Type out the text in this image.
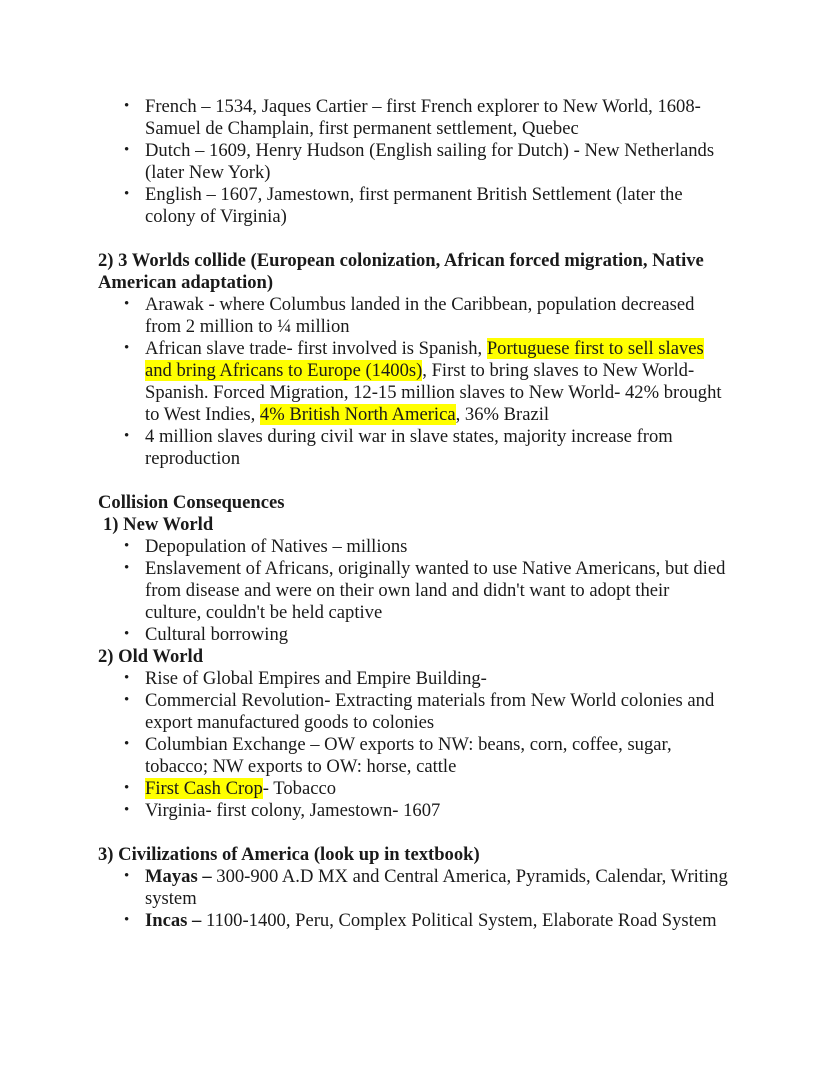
• French – 1534, Jaques Cartier – first French explorer to New World, 1608-Samuel de Champlain, first permanent settlement, Quebec
• Dutch – 1609, Henry Hudson (English sailing for Dutch) - New Netherlands (later New York)
• English – 1607, Jamestown, first permanent British Settlement (later the colony of Virginia)

2) 3 Worlds collide (European colonization, African forced migration, Native American adaptation)

• Arawak - where Columbus landed in the Caribbean, population decreased from 2 million to ¼ million
• African slave trade- first involved is Spanish, Portuguese first to sell slaves and bring Africans to Europe (1400s), First to bring slaves to New World- Spanish. Forced Migration, 12-15 million slaves to New World- 42% brought to West Indies, 4% British North America, 36% Brazil
• 4 million slaves during civil war in slave states, majority increase from reproduction

Collision Consequences

1) New World

• Depopulation of Natives – millions
• Enslavement of Africans, originally wanted to use Native Americans, but died from disease and were on their own land and didn't want to adopt their culture, couldn't be held captive
• Cultural borrowing

2) Old World

• Rise of Global Empires and Empire Building-
• Commercial Revolution- Extracting materials from New World colonies and export manufactured goods to colonies
• Columbian Exchange – OW exports to NW: beans, corn, coffee, sugar, tobacco; NW exports to OW: horse, cattle
• First Cash Crop- Tobacco
• Virginia- first colony, Jamestown- 1607

3) Civilizations of America (look up in textbook)

• Mayas – 300-900 A.D MX and Central America, Pyramids, Calendar, Writing system
• Incas – 1100-1400, Peru, Complex Political System, Elaborate Road System
